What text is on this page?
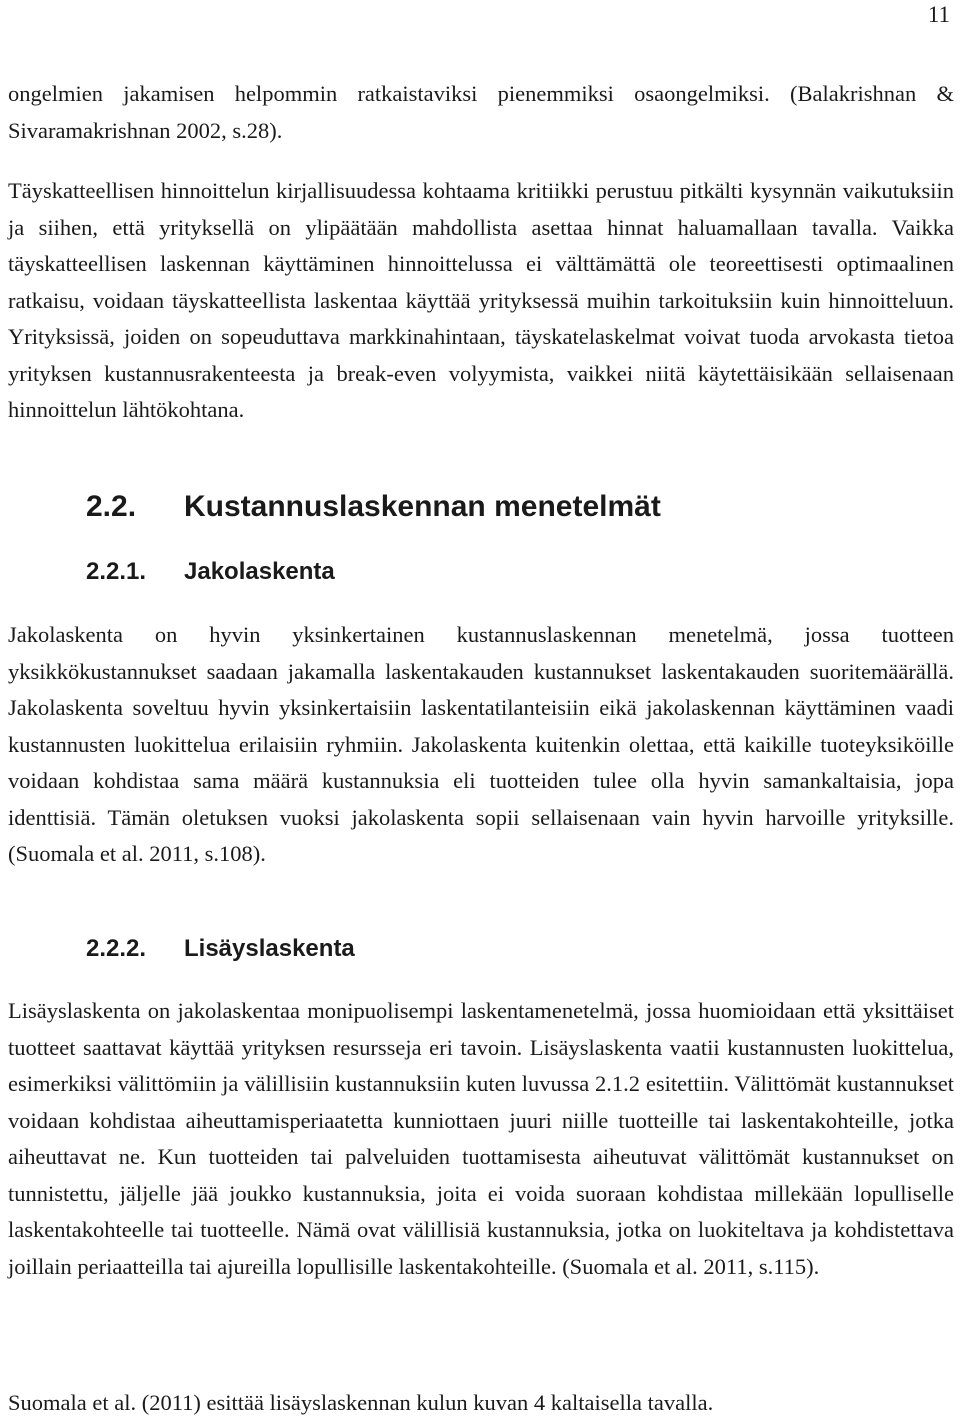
11

ongelmien jakamisen helpommin ratkaistaviksi pienemmiksi osaongelmiksi. (Balakrishnan & Sivaramakrishnan 2002, s.28).

Täyskatteellisen hinnoittelun kirjallisuudessa kohtaama kritiikki perustuu pitkälti kysynnän vaikutuksiin ja siihen, että yrityksellä on ylipäätään mahdollista asettaa hinnat haluamallaan tavalla. Vaikka täyskatteellisen laskennan käyttäminen hinnoittelussa ei välttämättä ole teoreettisesti optimaalinen ratkaisu, voidaan täyskatteellista laskentaa käyttää yrityksessä muihin tarkoituksiin kuin hinnoitteluun. Yrityksissä, joiden on sopeuduttava markkinahintaan, täyskatelaskelmat voivat tuoda arvokasta tietoa yrityksen kustannusrakenteesta ja break-even volyymista, vaikkei niitä käytettäisikään sellaisenaan hinnoittelun lähtökohtana.

2.2. Kustannuslaskennan menetelmät
2.2.1. Jakolaskenta

Jakolaskenta on hyvin yksinkertainen kustannuslaskennan menetelmä, jossa tuotteen yksikkökustannukset saadaan jakamalla laskentakauden kustannukset laskentakauden suoritemäärällä. Jakolaskenta soveltuu hyvin yksinkertaisiin laskentatilanteisiin eikä jakolaskennan käyttäminen vaadi kustannusten luokittelua erilaisiin ryhmiin. Jakolaskenta kuitenkin olettaa, että kaikille tuoteyksiköille voidaan kohdistaa sama määrä kustannuksia eli tuotteiden tulee olla hyvin samankaltaisia, jopa identtisiä. Tämän oletuksen vuoksi jakolaskenta sopii sellaisenaan vain hyvin harvoille yrityksille. (Suomala et al. 2011, s.108).

2.2.2. Lisäyslaskenta

Lisäyslaskenta on jakolaskentaa monipuolisempi laskentamenetelmä, jossa huomioidaan että yksittäiset tuotteet saattavat käyttää yrityksen resursseja eri tavoin. Lisäyslaskenta vaatii kustannusten luokittelua, esimerkiksi välittömiin ja välillisiin kustannuksiin kuten luvussa 2.1.2 esitettiin. Välittömät kustannukset voidaan kohdistaa aiheuttamisperiaatetta kunniottaen juuri niille tuotteille tai laskentakohteille, jotka aiheuttavat ne. Kun tuotteiden tai palveluiden tuottamisesta aiheutuvat välittömät kustannukset on tunnistettu, jäljelle jää joukko kustannuksia, joita ei voida suoraan kohdistaa millekään lopulliselle laskentakohteelle tai tuotteelle. Nämä ovat välillisiä kustannuksia, jotka on luokiteltava ja kohdistettava joillain periaatteilla tai ajureilla lopullisille laskentakohteille. (Suomala et al. 2011, s.115).

Suomala et al. (2011) esittää lisäyslaskennan kulun kuvan 4 kaltaisella tavalla.
